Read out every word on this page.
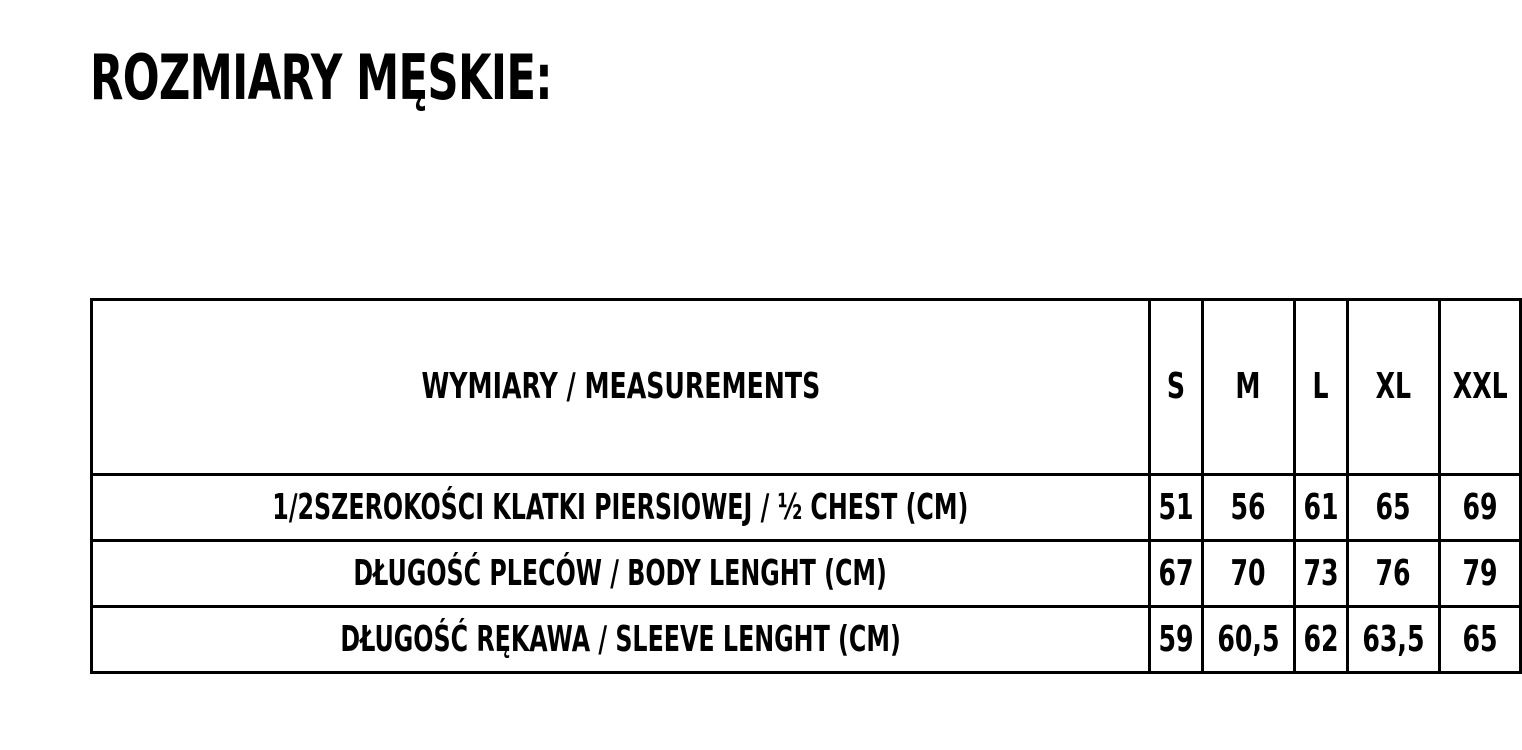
ROZMIARY MĘSKIE:
WYMIARY / MEASUREMENTS	S	M	L	XL	XXL
1/2SZEROKOŚCI KLATKI PIERSIOWEJ / ½ CHEST (CM)	51	56	61	65	69
DŁUGOŚĆ PLECÓW / BODY LENGHT (CM)	67	70	73	76	79
DŁUGOŚĆ RĘKAWA / SLEEVE LENGHT (CM)	59	60,5	62	63,5	65
